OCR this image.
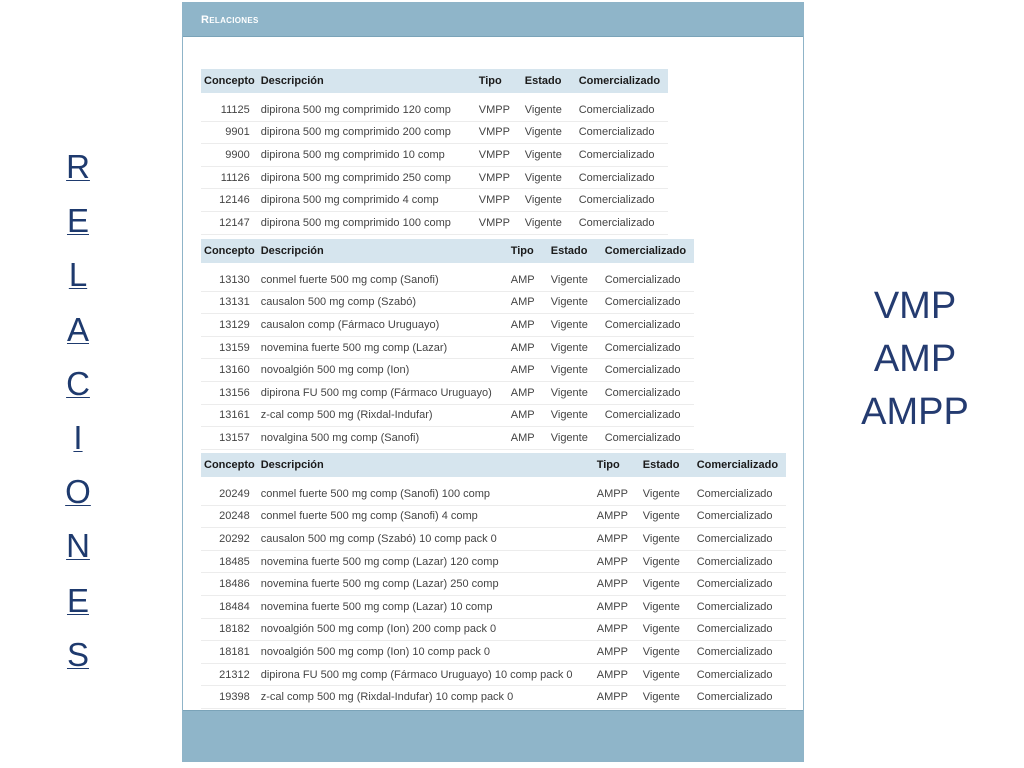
R
E
L
A
C
I
O
N
E
S
VMP
AMP
AMPP
Relaciones
Concepto	Descripción	Tipo	Estado	Comercializado

11125	dipirona 500 mg comprimido 120 comp	VMPP	Vigente	Comercializado
9901	dipirona 500 mg comprimido 200 comp	VMPP	Vigente	Comercializado
9900	dipirona 500 mg comprimido 10 comp	VMPP	Vigente	Comercializado
11126	dipirona 500 mg comprimido 250 comp	VMPP	Vigente	Comercializado
12146	dipirona 500 mg comprimido 4 comp	VMPP	Vigente	Comercializado
12147	dipirona 500 mg comprimido 100 comp	VMPP	Vigente	Comercializado
Concepto	Descripción	Tipo	Estado	Comercializado

13130	conmel fuerte 500 mg comp (Sanofi)	AMP	Vigente	Comercializado
13131	causalon 500 mg comp (Szabó)	AMP	Vigente	Comercializado
13129	causalon comp (Fármaco Uruguayo)	AMP	Vigente	Comercializado
13159	novemina fuerte 500 mg comp (Lazar)	AMP	Vigente	Comercializado
13160	novoalgión 500 mg comp (Ion)	AMP	Vigente	Comercializado
13156	dipirona FU 500 mg comp (Fármaco Uruguayo)	AMP	Vigente	Comercializado
13161	z-cal comp 500 mg (Rixdal-Indufar)	AMP	Vigente	Comercializado
13157	novalgina 500 mg comp (Sanofi)	AMP	Vigente	Comercializado
Concepto	Descripción	Tipo	Estado	Comercializado

20249	conmel fuerte 500 mg comp (Sanofi) 100 comp	AMPP	Vigente	Comercializado
20248	conmel fuerte 500 mg comp (Sanofi) 4 comp	AMPP	Vigente	Comercializado
20292	causalon 500 mg comp (Szabó) 10 comp pack 0	AMPP	Vigente	Comercializado
18485	novemina fuerte 500 mg comp (Lazar) 120 comp	AMPP	Vigente	Comercializado
18486	novemina fuerte 500 mg comp (Lazar) 250 comp	AMPP	Vigente	Comercializado
18484	novemina fuerte 500 mg comp (Lazar) 10 comp	AMPP	Vigente	Comercializado
18182	novoalgión 500 mg comp (Ion) 200 comp pack 0	AMPP	Vigente	Comercializado
18181	novoalgión 500 mg comp (Ion) 10 comp pack 0	AMPP	Vigente	Comercializado
21312	dipirona FU 500 mg comp (Fármaco Uruguayo) 10 comp pack 0	AMPP	Vigente	Comercializado
19398	z-cal comp 500 mg (Rixdal-Indufar) 10 comp pack 0	AMPP	Vigente	Comercializado
